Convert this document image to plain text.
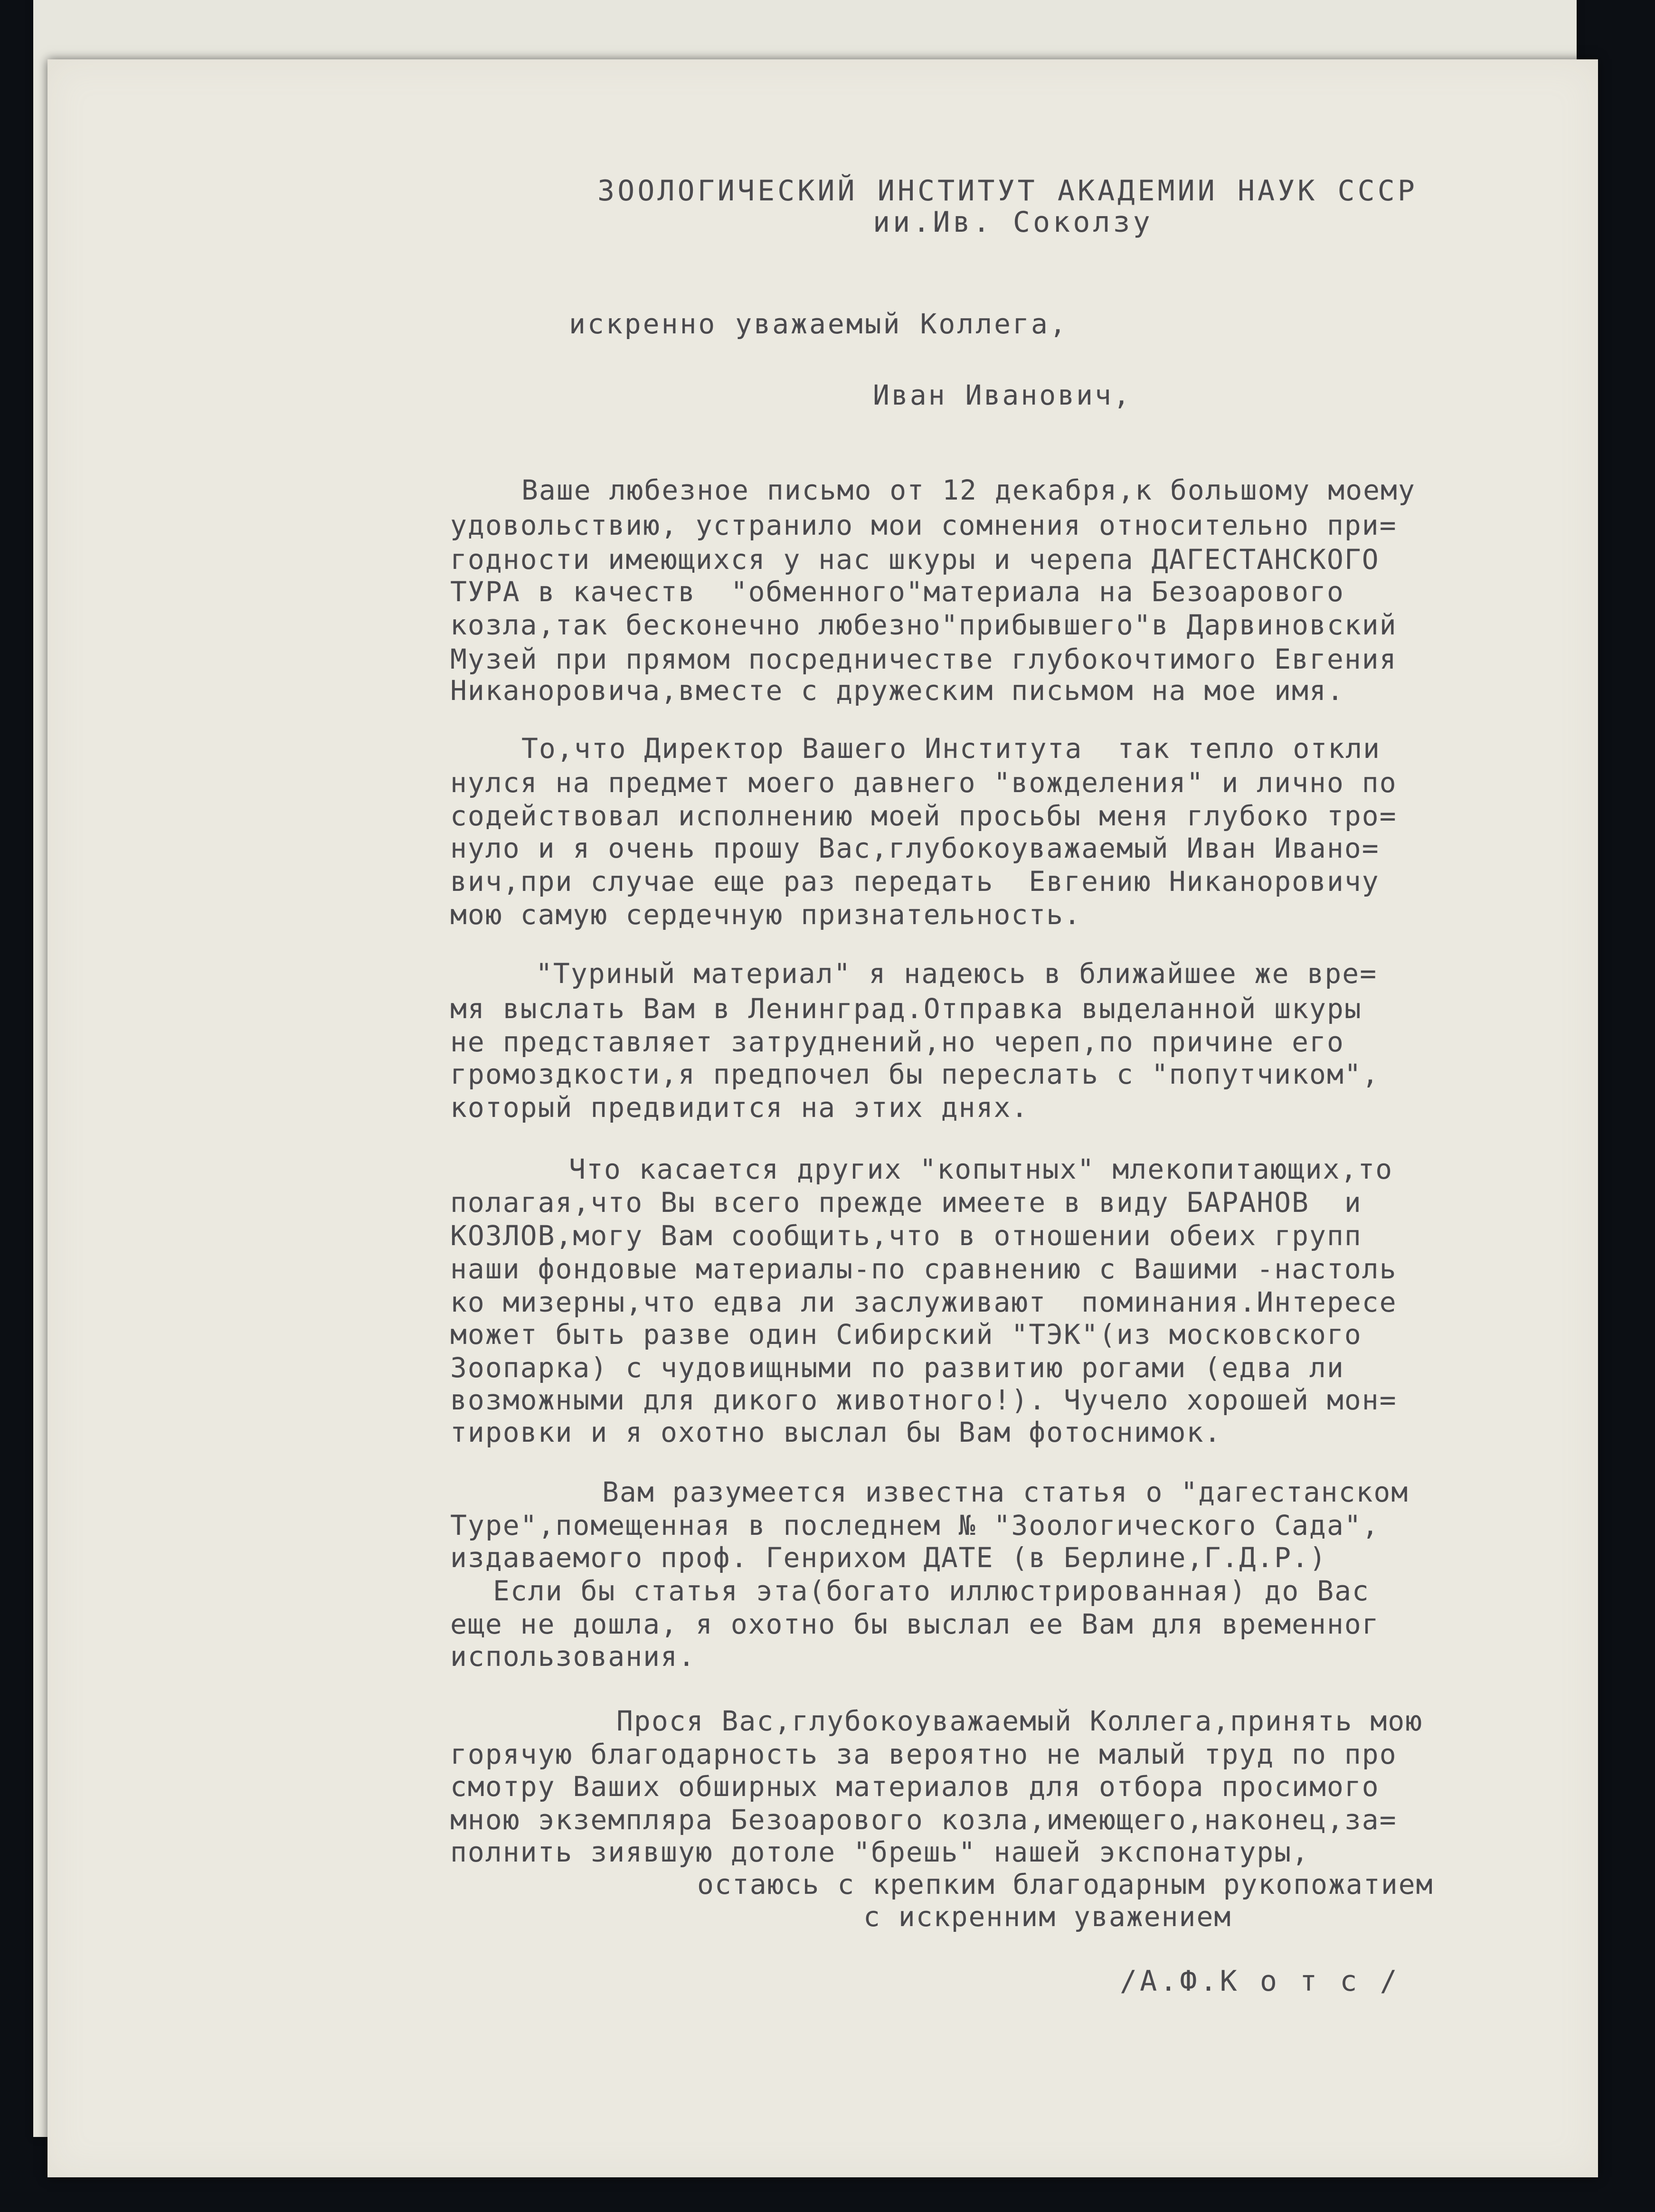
ЗООЛОГИЧЕСКИЙ ИНСТИТУТ АКАДЕМИИ НАУК СССР
ии.Ив. Соколзу
искренно уважаемый Коллега,
Иван Иванович,
Ваше любезное письмо от 12 декабря,к большому моему
удовольствию, устранило мои сомнения относительно при=
годности имеющихся у нас шкуры и черепа ДАГЕСТАНСКОГО
ТУРА в качеств  "обменного"материала на Безоарового
козла,так бесконечно любезно"прибывшего"в Дарвиновский
Музей при прямом посредничестве глубокочтимого Евгения
Никаноровича,вместе с дружеским письмом на мое имя.
То,что Директор Вашего Института  так тепло откли
нулся на предмет моего давнего "вожделения" и лично по
содействовал исполнению моей просьбы меня глубоко тро=
нуло и я очень прошу Вас,глубокоуважаемый Иван Ивано=
вич,при случае еще раз передать  Евгению Никаноровичу
мою самую сердечную признательность.
"Туриный материал" я надеюсь в ближайшее же вре=
мя выслать Вам в Ленинград.Отправка выделанной шкуры
не представляет затруднений,но череп,по причине его
громоздкости,я предпочел бы переслать с "попутчиком",
который предвидится на этих днях.
Что касается других "копытных" млекопитающих,то
полагая,что Вы всего прежде имеете в виду БАРАНОВ  и
КОЗЛОВ,могу Вам сообщить,что в отношении обеих групп
наши фондовые материалы-по сравнению с Вашими -настоль
ко мизерны,что едва ли заслуживают  поминания.Интересе
может быть разве один Сибирский "ТЭК"(из московского
Зоопарка) с чудовищными по развитию рогами (едва ли
возможными для дикого животного!). Чучело хорошей мон=
тировки и я охотно выслал бы Вам фотоснимок.
Вам разумеется известна статья о "дагестанском
Туре",помещенная в последнем № "Зоологического Сада",
издаваемого проф. Генрихом ДАТЕ (в Берлине,Г.Д.Р.)
Если бы статья эта(богато иллюстрированная) до Вас
еще не дошла, я охотно бы выслал ее Вам для временног
использования.
Прося Вас,глубокоуважаемый Коллега,принять мою
горячую благодарность за вероятно не малый труд по про
смотру Ваших обширных материалов для отбора просимого
мною экземпляра Безоарового козла,имеющего,наконец,за=
полнить зиявшую дотоле "брешь" нашей экспонатуры,
остаюсь с крепким благодарным рукопожатием
с искренним уважением
/А.Ф.К о т с /
